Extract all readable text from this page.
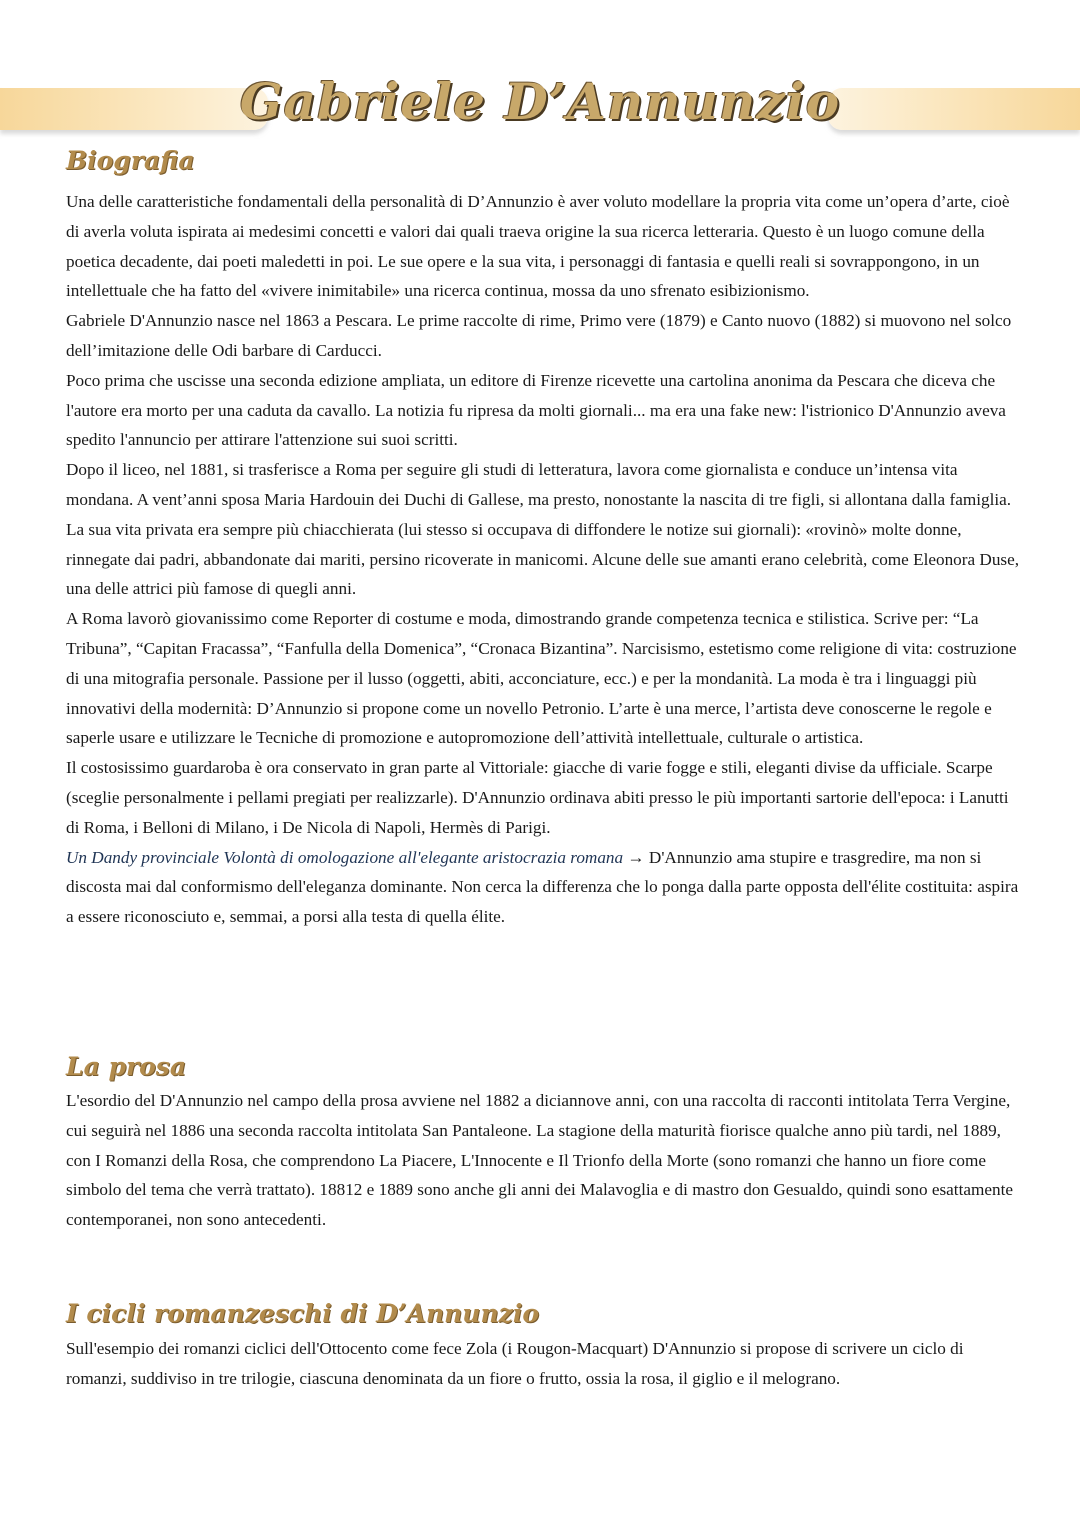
Gabriele D’Annunzio
Biografia

Una delle caratteristiche fondamentali della personalità di D’Annunzio è aver voluto modellare la propria vita come un’opera d’arte, cioè di averla voluta ispirata ai medesimi concetti e valori dai quali traeva origine la sua ricerca letteraria. Questo è un luogo comune della poetica decadente, dai poeti maledetti in poi. Le sue opere e la sua vita, i personaggi di fantasia e quelli reali si sovrappongono, in un intellettuale che ha fatto del «vivere inimitabile» una ricerca continua, mossa da uno sfrenato esibizionismo.

Gabriele D'Annunzio nasce nel 1863 a Pescara. Le prime raccolte di rime, Primo vere (1879) e Canto nuovo (1882) si muovono nel solco dell’imitazione delle Odi barbare di Carducci.

Poco prima che uscisse una seconda edizione ampliata, un editore di Firenze ricevette una cartolina anonima da Pescara che diceva che l'autore era morto per una caduta da cavallo. La notizia fu ripresa da molti giornali... ma era una fake new: l'istrionico D'Annunzio aveva spedito l'annuncio per attirare l'attenzione sui suoi scritti.

Dopo il liceo, nel 1881, si trasferisce a Roma per seguire gli studi di letteratura, lavora come giornalista e conduce un’intensa vita mondana. A vent’anni sposa Maria Hardouin dei Duchi di Gallese, ma presto, nonostante la nascita di tre figli, si allontana dalla famiglia.

La sua vita privata era sempre più chiacchierata (lui stesso si occupava di diffondere le notize sui giornali): «rovinò» molte donne, rinnegate dai padri, abbandonate dai mariti, persino ricoverate in manicomi. Alcune delle sue amanti erano celebrità, come Eleonora Duse, una delle attrici più famose di quegli anni.

A Roma lavorò giovanissimo come Reporter di costume e moda, dimostrando grande competenza tecnica e stilistica. Scrive per: “La Tribuna”, “Capitan Fracassa”, “Fanfulla della Domenica”, “Cronaca Bizantina”. Narcisismo, estetismo come religione di vita: costruzione di una mitografia personale. Passione per il lusso (oggetti, abiti, acconciature, ecc.) e per la mondanità. La moda è tra i linguaggi più innovativi della modernità: D’Annunzio si propone come un novello Petronio. L’arte è una merce, l’artista deve conoscerne le regole e saperle usare e utilizzare le Tecniche di promozione e autopromozione dell’attività intellettuale, culturale o artistica.

Il costosissimo guardaroba è ora conservato in gran parte al Vittoriale: giacche di varie fogge e stili, eleganti divise da ufficiale. Scarpe (sceglie personalmente i pellami pregiati per realizzarle). D'Annunzio ordinava abiti presso le più importanti sartorie dell'epoca: i Lanutti di Roma, i Belloni di Milano, i De Nicola di Napoli, Hermès di Parigi.

Un Dandy provinciale Volontà di omologazione all'elegante aristocrazia romana → D'Annunzio ama stupire e trasgredire, ma non si discosta mai dal conformismo dell'eleganza dominante. Non cerca la differenza che lo ponga dalla parte opposta dell'élite costituita: aspira a essere riconosciuto e, semmai, a porsi alla testa di quella élite.

La prosa

L'esordio del D'Annunzio nel campo della prosa avviene nel 1882 a diciannove anni, con una raccolta di racconti intitolata Terra Vergine, cui seguirà nel 1886 una seconda raccolta intitolata San Pantaleone. La stagione della maturità fiorisce qualche anno più tardi, nel 1889, con I Romanzi della Rosa, che comprendono La Piacere, L'Innocente e Il Trionfo della Morte (sono romanzi che hanno un fiore come simbolo del tema che verrà trattato). 18812 e 1889 sono anche gli anni dei Malavoglia e di mastro don Gesualdo, quindi sono esattamente contemporanei, non sono antecedenti.

I cicli romanzeschi di D’Annunzio

Sull'esempio dei romanzi ciclici dell'Ottocento come fece Zola (i Rougon-Macquart) D'Annunzio si propose di scrivere un ciclo di romanzi, suddiviso in tre trilogie, ciascuna denominata da un fiore o frutto, ossia la rosa, il giglio e il melograno.
